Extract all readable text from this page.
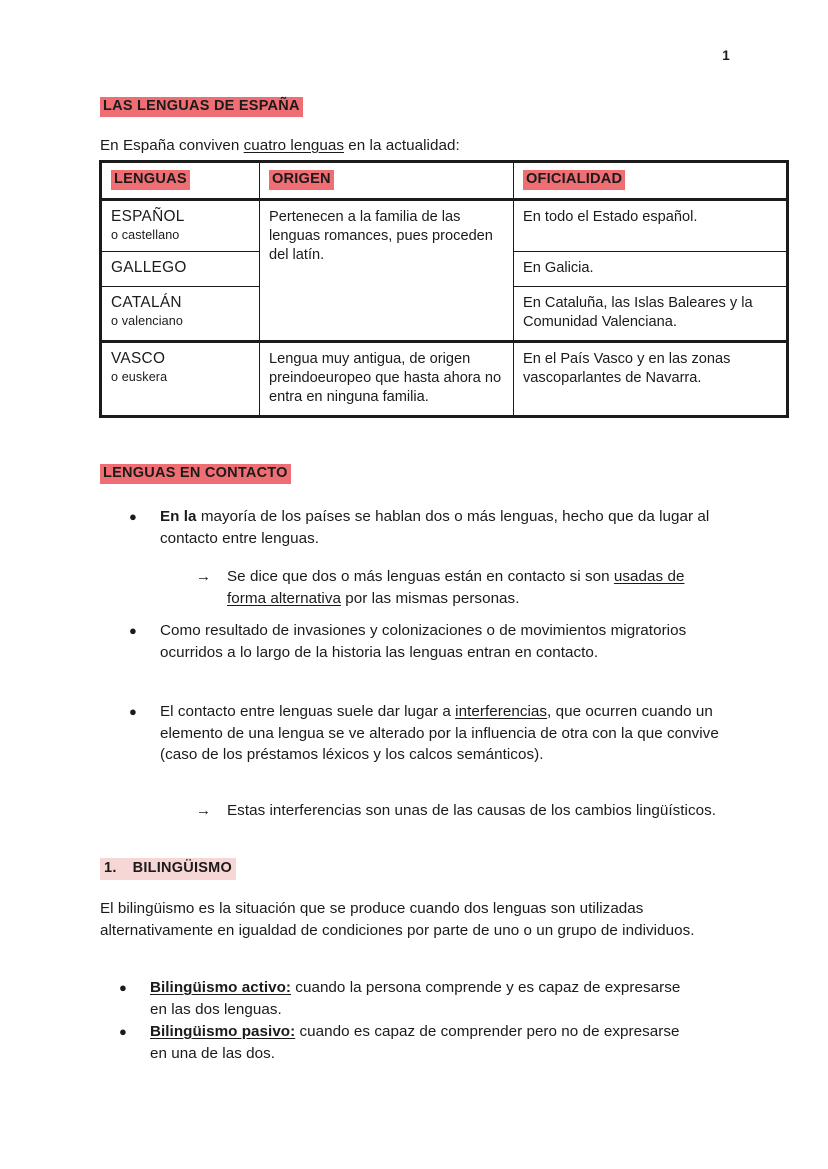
1
LAS LENGUAS DE ESPAÑA
En España conviven cuatro lenguas en la actualidad:
LENGUAS	ORIGEN	OFICIALIDAD

ESPAÑOL
o castellano	Pertenecen a la familia de las lenguas romances, pues proceden del latín.	En todo el Estado español.

GALLEGO		En Galicia.

CATALÁN
o valenciano		En Cataluña, las Islas Baleares y la Comunidad Valenciana.

VASCO
o euskera	Lengua muy antigua, de origen preindoeuropeo que hasta ahora no entra en ninguna familia.	En el País Vasco y en las zonas vascoparlantes de Navarra.
LENGUAS EN CONTACTO
●	En la mayoría de los países se hablan dos o más lenguas, hecho que da lugar al contacto entre lenguas.
→	Se dice que dos o más lenguas están en contacto si son usadas de forma alternativa por las mismas personas.
●	Como resultado de invasiones y colonizaciones o de movimientos migratorios ocurridos a lo largo de la historia las lenguas entran en contacto.
●	El contacto entre lenguas suele dar lugar a interferencias, que ocurren cuando un elemento de una lengua se ve alterado por la influencia de otra con la que convive (caso de los préstamos léxicos y los calcos semánticos).
→	Estas interferencias son unas de las causas de los cambios lingüísticos.
1. BILINGÜISMO
El bilingüismo es la situación que se produce cuando dos lenguas son utilizadas alternativamente en igualdad de condiciones por parte de uno o un grupo de individuos.
●	Bilingüismo activo: cuando la persona comprende y es capaz de expresarse en las dos lenguas.
●	Bilingüismo pasivo: cuando es capaz de comprender pero no de expresarse en una de las dos.
